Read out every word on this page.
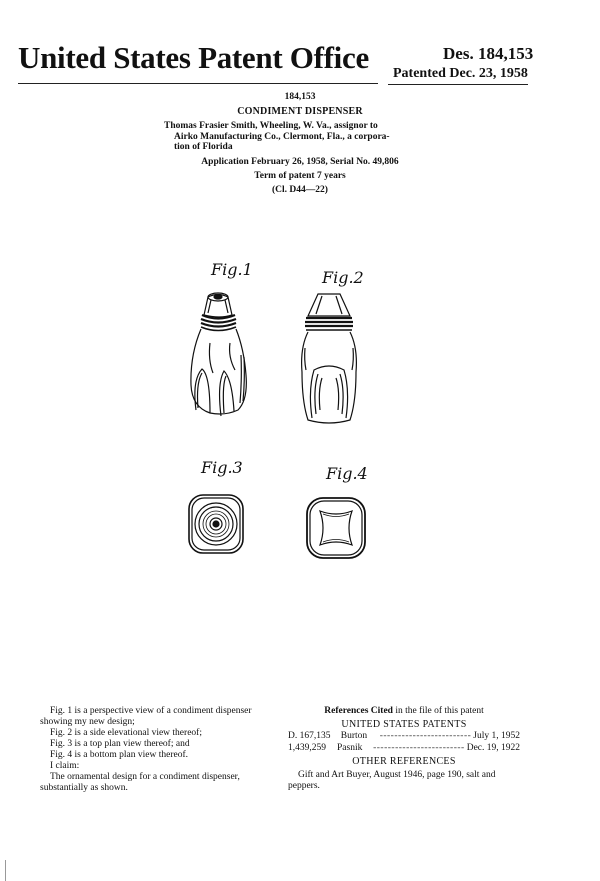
United States Patent Office	Des. 184,153
Patented Dec. 23, 1958
184,153
CONDIMENT DISPENSER
Thomas Frasier Smith, Wheeling, W. Va., assignor to
Airko Manufacturing Co., Clermont, Fla., a corpora-
tion of Florida
Application February 26, 1958, Serial No. 49,806
Term of patent 7 years
(Cl. D44—22)
Fig.1	Fig.2
Fig.3	Fig.4

Fig. 1 is a perspective view of a condiment dispenser

showing my new design;

Fig. 2 is a side elevational view thereof;

Fig. 3 is a top plan view thereof; and

Fig. 4 is a bottom plan view thereof.

I claim:

The ornamental design for a condiment dispenser,

substantially as shown.

References Cited in the file of this patent
UNITED STATES PATENTS
D. 167,135	Burton	------------------------- July 1, 1952
1,439,259	Pasnik	------------------------- Dec. 19, 1922
OTHER REFERENCES
Gift and Art Buyer, August 1946, page 190, salt and
peppers.
